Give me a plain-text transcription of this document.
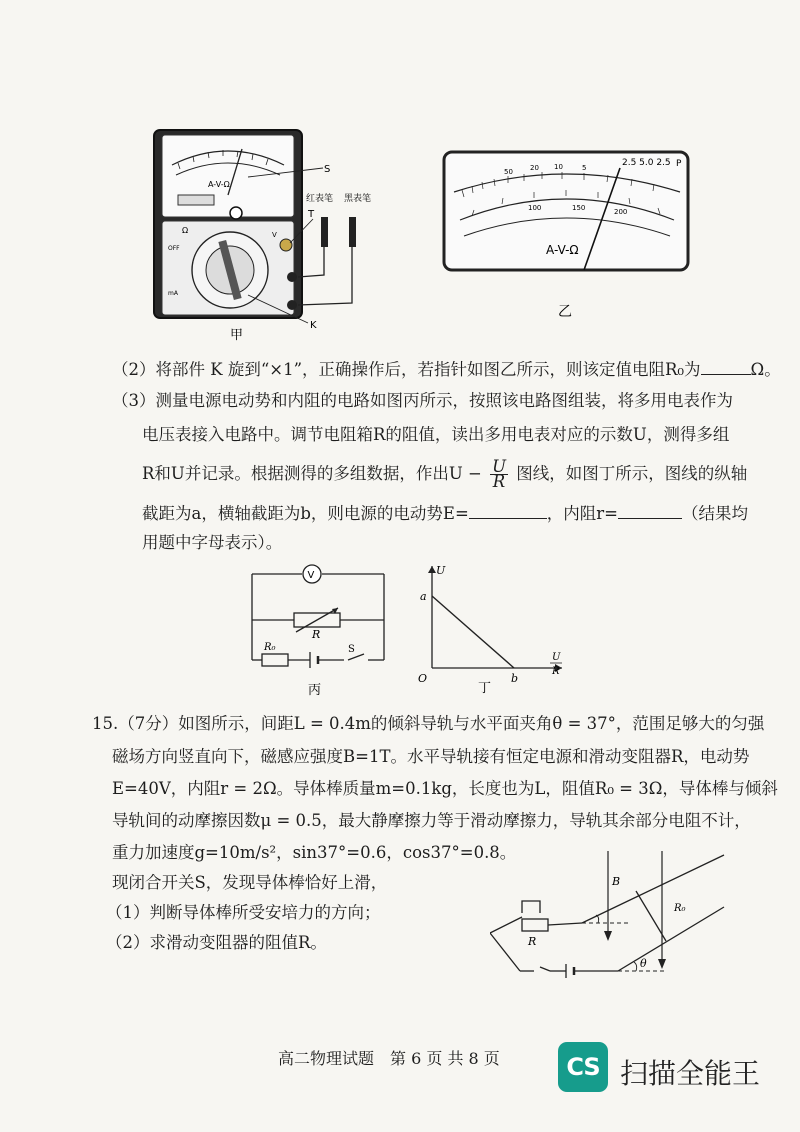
A-V-Ω
OFF
Ω	V
mA
S
红表笔 黑表笔
T
K
甲
50 20 10	5
100	150	200
2.5 5.0 2.5 P
A-V-Ω
乙
（2）将部件 K 旋到“×1”，正确操作后，若指针如图乙所示，则该定值电阻R₀为	Ω。
（3）测量电源电动势和内阻的电路如图丙所示，按照该电路图组装，将多用电表作为
电压表接入电路中。调节电阻箱R的阻值，读出多用电表对应的示数U，测得多组
R和U并记录。根据测得的多组数据，作出$U - \frac{U}{R}$ 图线，如图丁所示，图线的纵轴
截距为a，横轴截距为b，则电源的电动势E=	，内阻r=	（结果均
用题中字母表示）。
V
R
R₀	S
丙
U
a
O	b
U
R
丁
15.（7分）如图所示，间距L = 0.4m的倾斜导轨与水平面夹角θ = 37°，范围足够大的匀强
磁场方向竖直向下，磁感应强度B=1T。水平导轨接有恒定电源和滑动变阻器R，电动势
E=40V，内阻r = 2Ω。导体棒质量m=0.1kg，长度也为L，阻值R₀ = 3Ω，导体棒与倾斜
导轨间的动摩擦因数μ = 0.5，最大静摩擦力等于滑动摩擦力，导轨其余部分电阻不计，
重力加速度g=10m/s²，sin37°=0.6，cos37°=0.8。
现闭合开关S，发现导体棒恰好上滑，
（1）判断导体棒所受安培力的方向；
（2）求滑动变阻器的阻值R。
B
R
R₀
θ
高二物理试题　第 6 页 共 8 页	CS 扫描全能王
